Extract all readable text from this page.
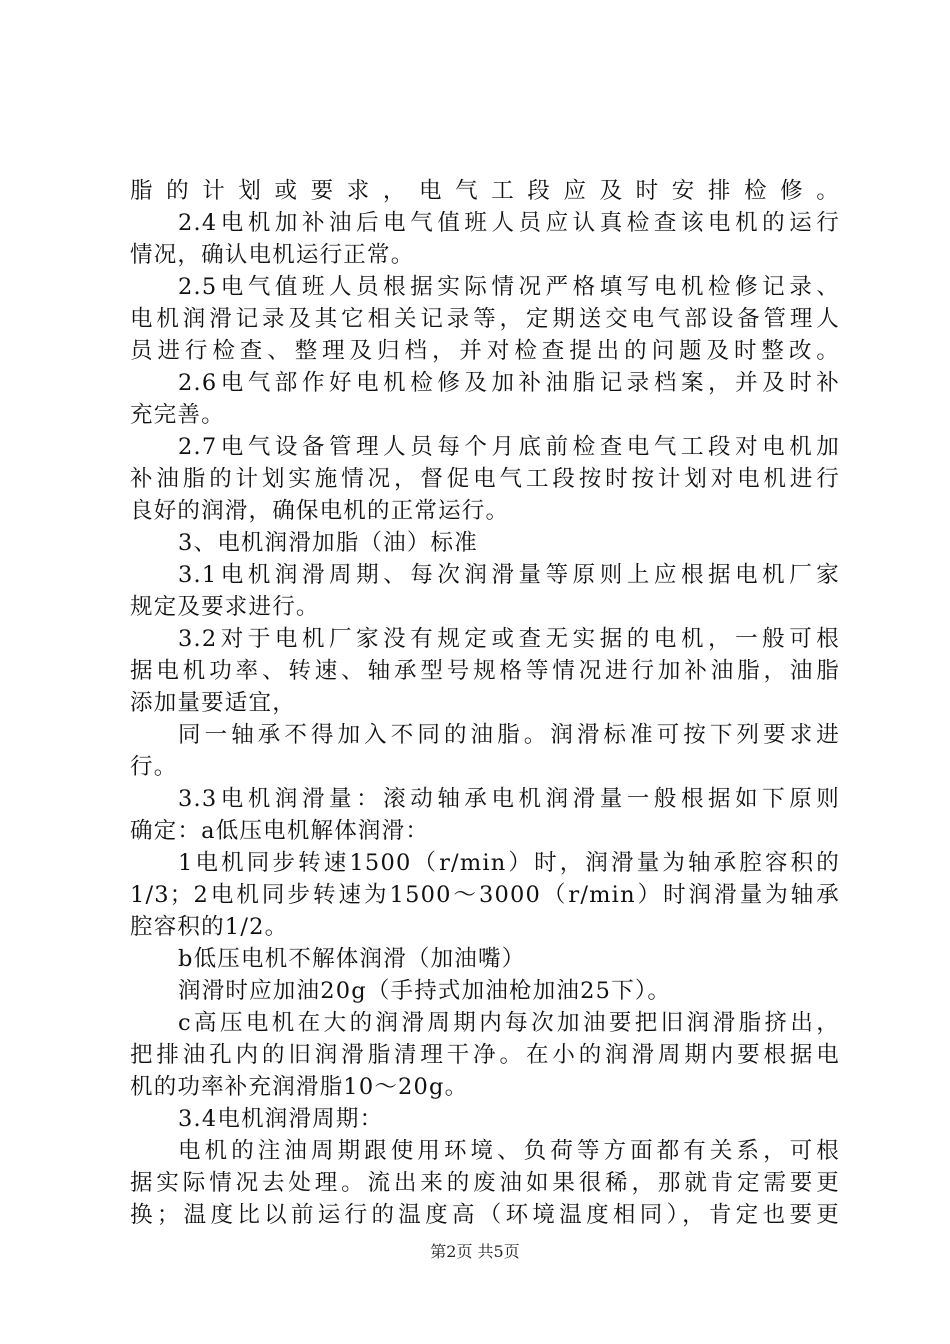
脂的计划或要求，电气工段应及时安排检修。
2.4电机加补油后电气值班人员应认真检查该电机的运行
情况，确认电机运行正常。
2.5电气值班人员根据实际情况严格填写电机检修记录、
电机润滑记录及其它相关记录等，定期送交电气部设备管理人
员进行检查、整理及归档，并对检查提出的问题及时整改。
2.6电气部作好电机检修及加补油脂记录档案，并及时补
充完善。
2.7电气设备管理人员每个月底前检查电气工段对电机加
补油脂的计划实施情况，督促电气工段按时按计划对电机进行
良好的润滑，确保电机的正常运行。
3、电机润滑加脂（油）标准
3.1电机润滑周期、每次润滑量等原则上应根据电机厂家
规定及要求进行。
3.2对于电机厂家没有规定或查无实据的电机，一般可根
据电机功率、转速、轴承型号规格等情况进行加补油脂，油脂
添加量要适宜，
同一轴承不得加入不同的油脂。润滑标准可按下列要求进
行。
3.3电机润滑量：滚动轴承电机润滑量一般根据如下原则
确定：a低压电机解体润滑：
1电机同步转速1500（r/min）时，润滑量为轴承腔容积的
1/3；2电机同步转速为1500～3000（r/min）时润滑量为轴承
腔容积的1/2。
b低压电机不解体润滑（加油嘴）
润滑时应加油20g（手持式加油枪加油25下）。
c高压电机在大的润滑周期内每次加油要把旧润滑脂挤出，
把排油孔内的旧润滑脂清理干净。在小的润滑周期内要根据电
机的功率补充润滑脂10～20g。
3.4电机润滑周期：
电机的注油周期跟使用环境、负荷等方面都有关系，可根
据实际情况去处理。流出来的废油如果很稀，那就肯定需要更
换；温度比以前运行的温度高（环境温度相同），肯定也要更
第2页 共5页
